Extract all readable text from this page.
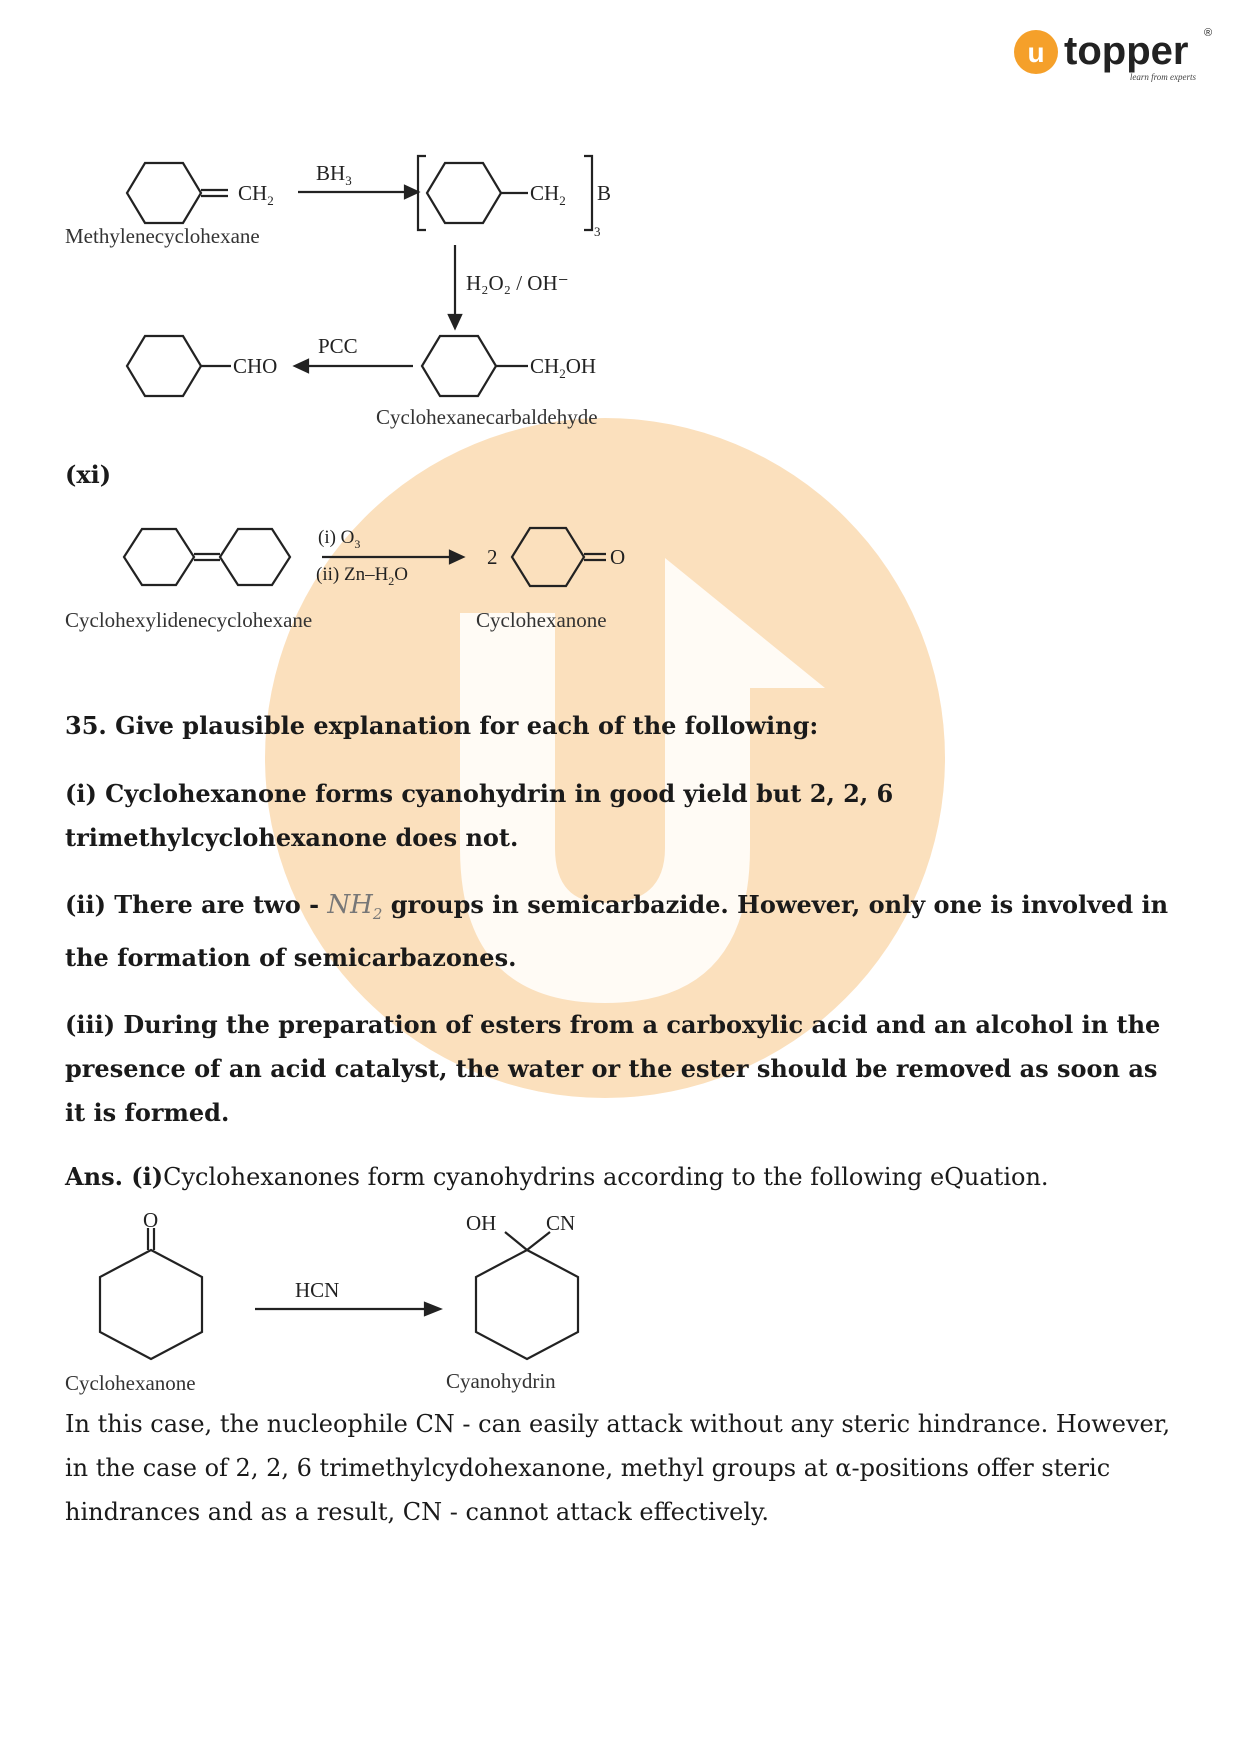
u topper ®
learn from experts
$CH_2$
$BH_3$
$CH_2$ B
3
H₂O₂ / OH⁻
$CH_2OH$
PCC
CHO
(i) $O_3$
(ii) $Zn-H_2O$
2	O
Methylenecyclohexane
Cyclohexanecarbaldehyde
Cyclohexylidenecyclohexane	Cyclohexanone
(xi)
35. Give plausible explanation for each of the following:
(i) Cyclohexanone forms cyanohydrin in good yield but 2, 2, 6 trimethylcyclohexanone does not.
(ii) There are two - $NH_2$ groups in semicarbazide. However, only one is involved in the formation of semicarbazones.
(iii) During the preparation of esters from a carboxylic acid and an alcohol in the presence of an acid catalyst, the water or the ester should be removed as soon as it is formed.
Ans. (i)Cyclohexanones form cyanohydrins according to the following eQuation.
O
HCN
OH CN
Cyclohexanone	Cyanohydrin
In this case, the nucleophile CN - can easily attack without any steric hindrance. However, in the case of 2, 2, 6 trimethylcydohexanone, methyl groups at α-positions offer steric hindrances and as a result, CN - cannot attack effectively.
